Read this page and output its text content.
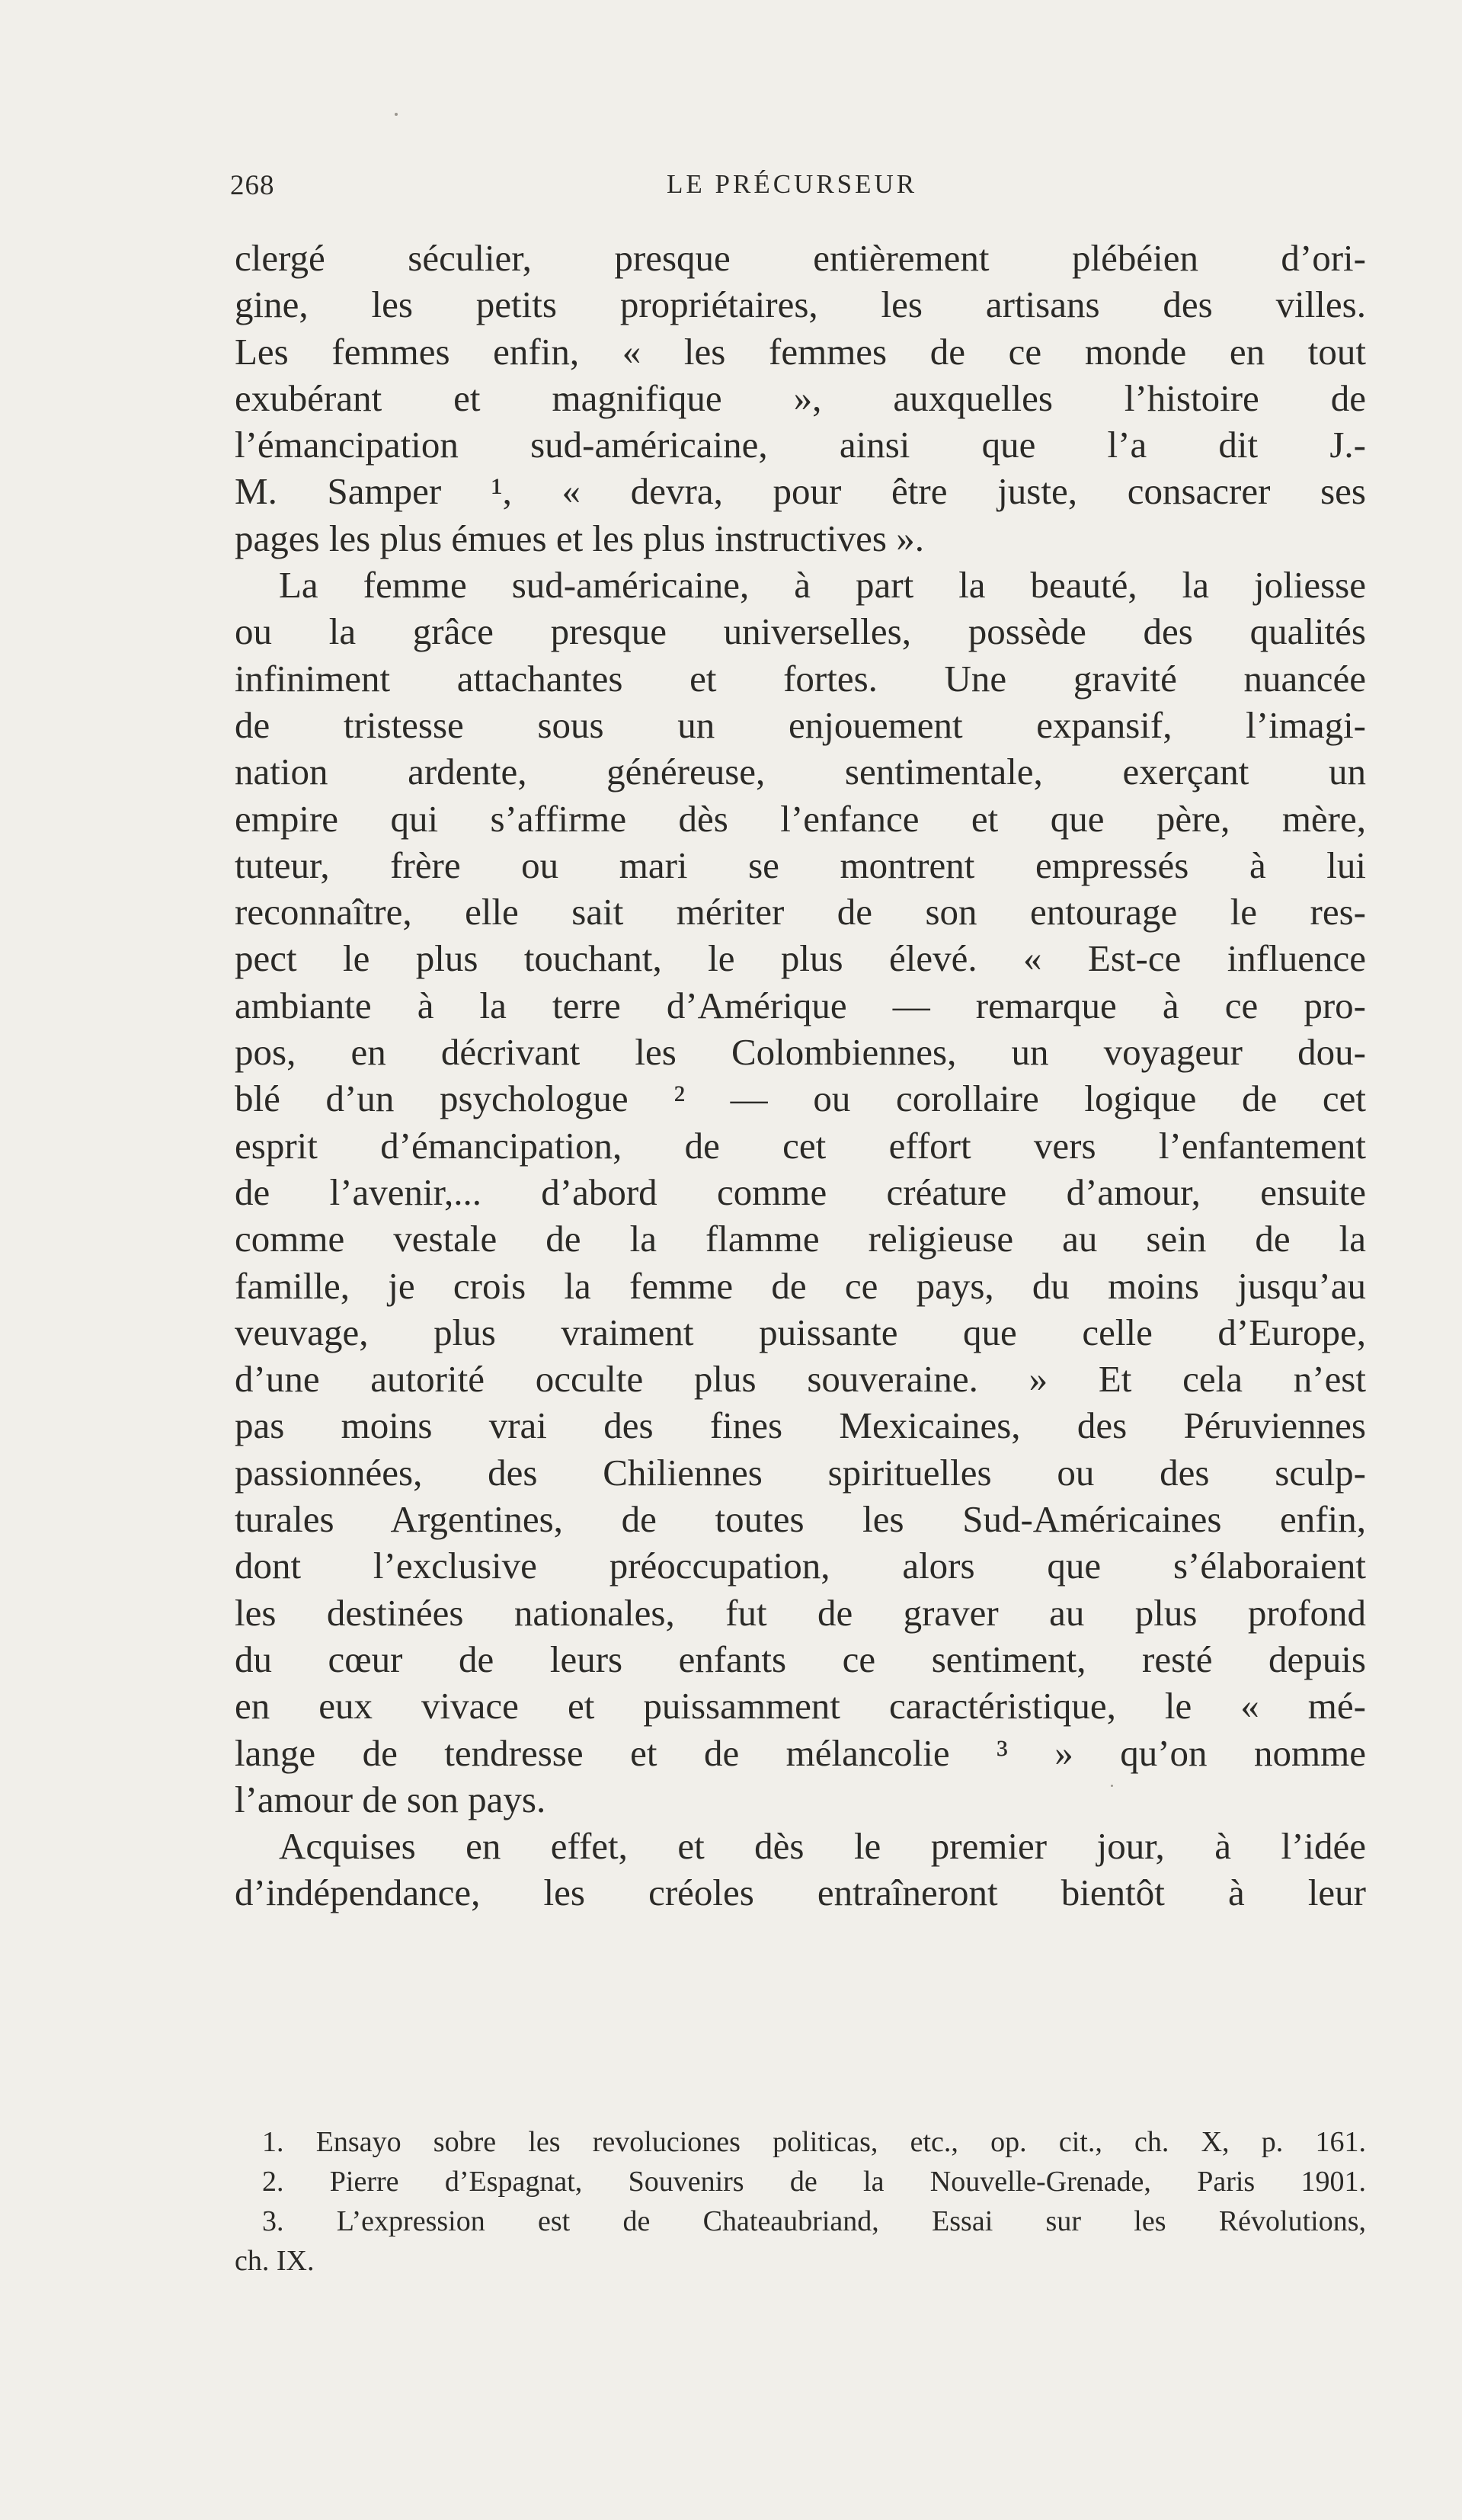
268	LE PRÉCURSEUR
clergé séculier, presque entièrement plébéien d’ori-
gine, les petits propriétaires, les artisans des villes.
Les femmes enfin, « les femmes de ce monde en tout
exubérant et magnifique », auxquelles l’histoire de
l’émancipation sud-américaine, ainsi que l’a dit J.-
M. Samper ¹, « devra, pour être juste, consacrer ses
pages les plus émues et les plus instructives ».
La femme sud-américaine, à part la beauté, la joliesse
ou la grâce presque universelles, possède des qualités
infiniment attachantes et fortes. Une gravité nuancée
de tristesse sous un enjouement expansif, l’imagi-
nation ardente, généreuse, sentimentale, exerçant un
empire qui s’affirme dès l’enfance et que père, mère,
tuteur, frère ou mari se montrent empressés à lui
reconnaître, elle sait mériter de son entourage le res-
pect le plus touchant, le plus élevé. « Est-ce influence
ambiante à la terre d’Amérique — remarque à ce pro-
pos, en décrivant les Colombiennes, un voyageur dou-
blé d’un psychologue ² — ou corollaire logique de cet
esprit d’émancipation, de cet effort vers l’enfantement
de l’avenir,... d’abord comme créature d’amour, ensuite
comme vestale de la flamme religieuse au sein de la
famille, je crois la femme de ce pays, du moins jusqu’au
veuvage, plus vraiment puissante que celle d’Europe,
d’une autorité occulte plus souveraine. » Et cela n’est
pas moins vrai des fines Mexicaines, des Péruviennes
passionnées, des Chiliennes spirituelles ou des sculp-
turales Argentines, de toutes les Sud-Américaines enfin,
dont l’exclusive préoccupation, alors que s’élaboraient
les destinées nationales, fut de graver au plus profond
du cœur de leurs enfants ce sentiment, resté depuis
en eux vivace et puissamment caractéristique, le « mé-
lange de tendresse et de mélancolie ³ » qu’on nomme
l’amour de son pays.
Acquises en effet, et dès le premier jour, à l’idée
d’indépendance, les créoles entraîneront bientôt à leur
1. Ensayo sobre les revoluciones politicas, etc., op. cit., ch. X, p. 161.
2. Pierre d’Espagnat, Souvenirs de la Nouvelle-Grenade, Paris 1901.
3. L’expression est de Chateaubriand, Essai sur les Révolutions,
ch. IX.
